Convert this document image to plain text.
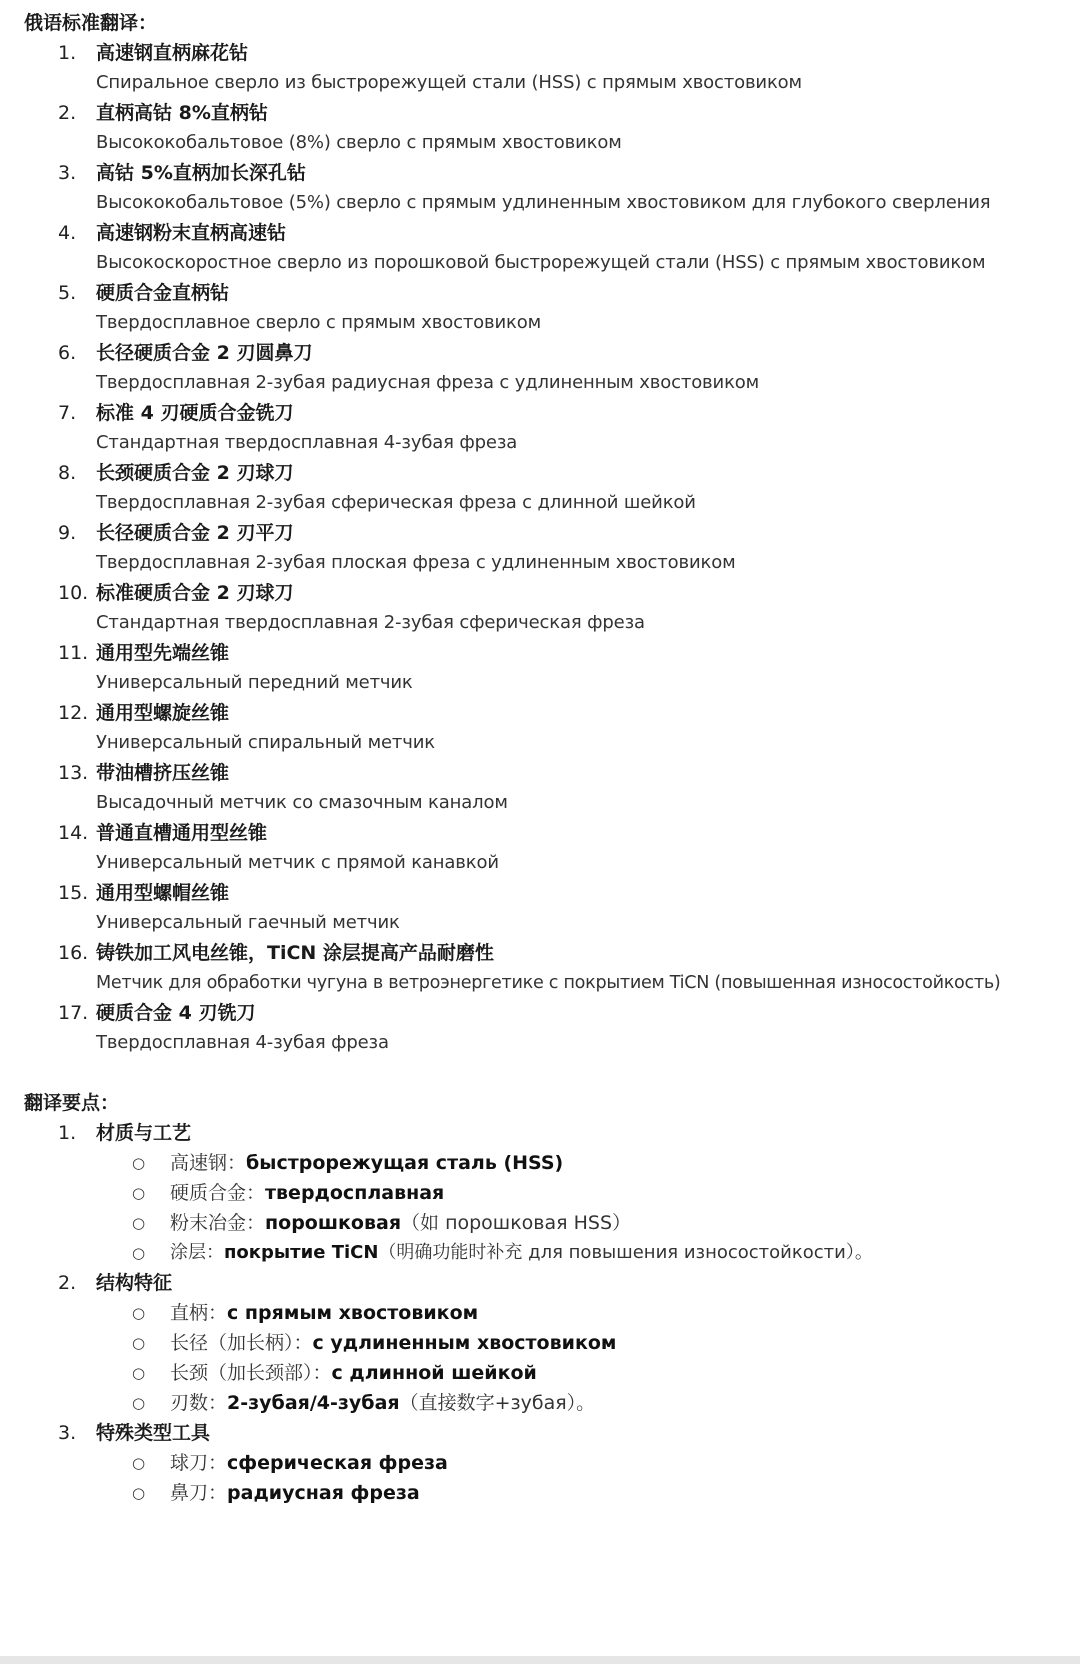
俄语标准翻译：
1.	高速钢直柄麻花钻
Спиральное сверло из быстрорежущей стали (HSS) с прямым хвостовиком
2.	直柄高钴 8%直柄钻
Высококобальтовое (8%) сверло с прямым хвостовиком
3.	高钴 5%直柄加长深孔钻
Высококобальтовое (5%) сверло с прямым удлиненным хвостовиком для глубокого сверления
4.	高速钢粉末直柄高速钻
Высокоскоростное сверло из порошковой быстрорежущей стали (HSS) с прямым хвостовиком
5.	硬质合金直柄钻
Твердосплавное сверло с прямым хвостовиком
6.	长径硬质合金 2 刃圆鼻刀
Твердосплавная 2-зубая радиусная фреза с удлиненным хвостовиком
7.	标准 4 刃硬质合金铣刀
Стандартная твердосплавная 4-зубая фреза
8.	长颈硬质合金 2 刃球刀
Твердосплавная 2-зубая сферическая фреза с длинной шейкой
9.	长径硬质合金 2 刃平刀
Твердосплавная 2-зубая плоская фреза с удлиненным хвостовиком
10. 标准硬质合金 2 刃球刀
Стандартная твердосплавная 2-зубая сферическая фреза
11. 通用型先端丝锥
Универсальный передний метчик
12. 通用型螺旋丝锥
Универсальный спиральный метчик
13. 带油槽挤压丝锥
Высадочный метчик со смазочным каналом
14. 普通直槽通用型丝锥
Универсальный метчик с прямой канавкой
15. 通用型螺帽丝锥
Универсальный гаечный метчик
16. 铸铁加工风电丝锥，TiCN 涂层提高产品耐磨性
Метчик для обработки чугуна в ветроэнергетике с покрытием TiCN (повышенная износостойкость)
17. 硬质合金 4 刃铣刀
Твердосплавная 4-зубая фреза
翻译要点：
1.	材质与工艺
○ 高速钢：быстрорежущая сталь (HSS)
○ 硬质合金：твердосплавная
○ 粉末冶金：порошковая（如 порошковая HSS）
○ 涂层：покрытие TiCN（明确功能时补充 для повышения износостойкости）。
2.	结构特征
○ 直柄：с прямым хвостовиком
○ 长径（加长柄）：с удлиненным хвостовиком
○ 长颈（加长颈部）：с длинной шейкой
○ 刃数：2-зубая/4-зубая（直接数字+зубая）。
3.	特殊类型工具
○ 球刀：сферическая фреза
○ 鼻刀：радиусная фреза
